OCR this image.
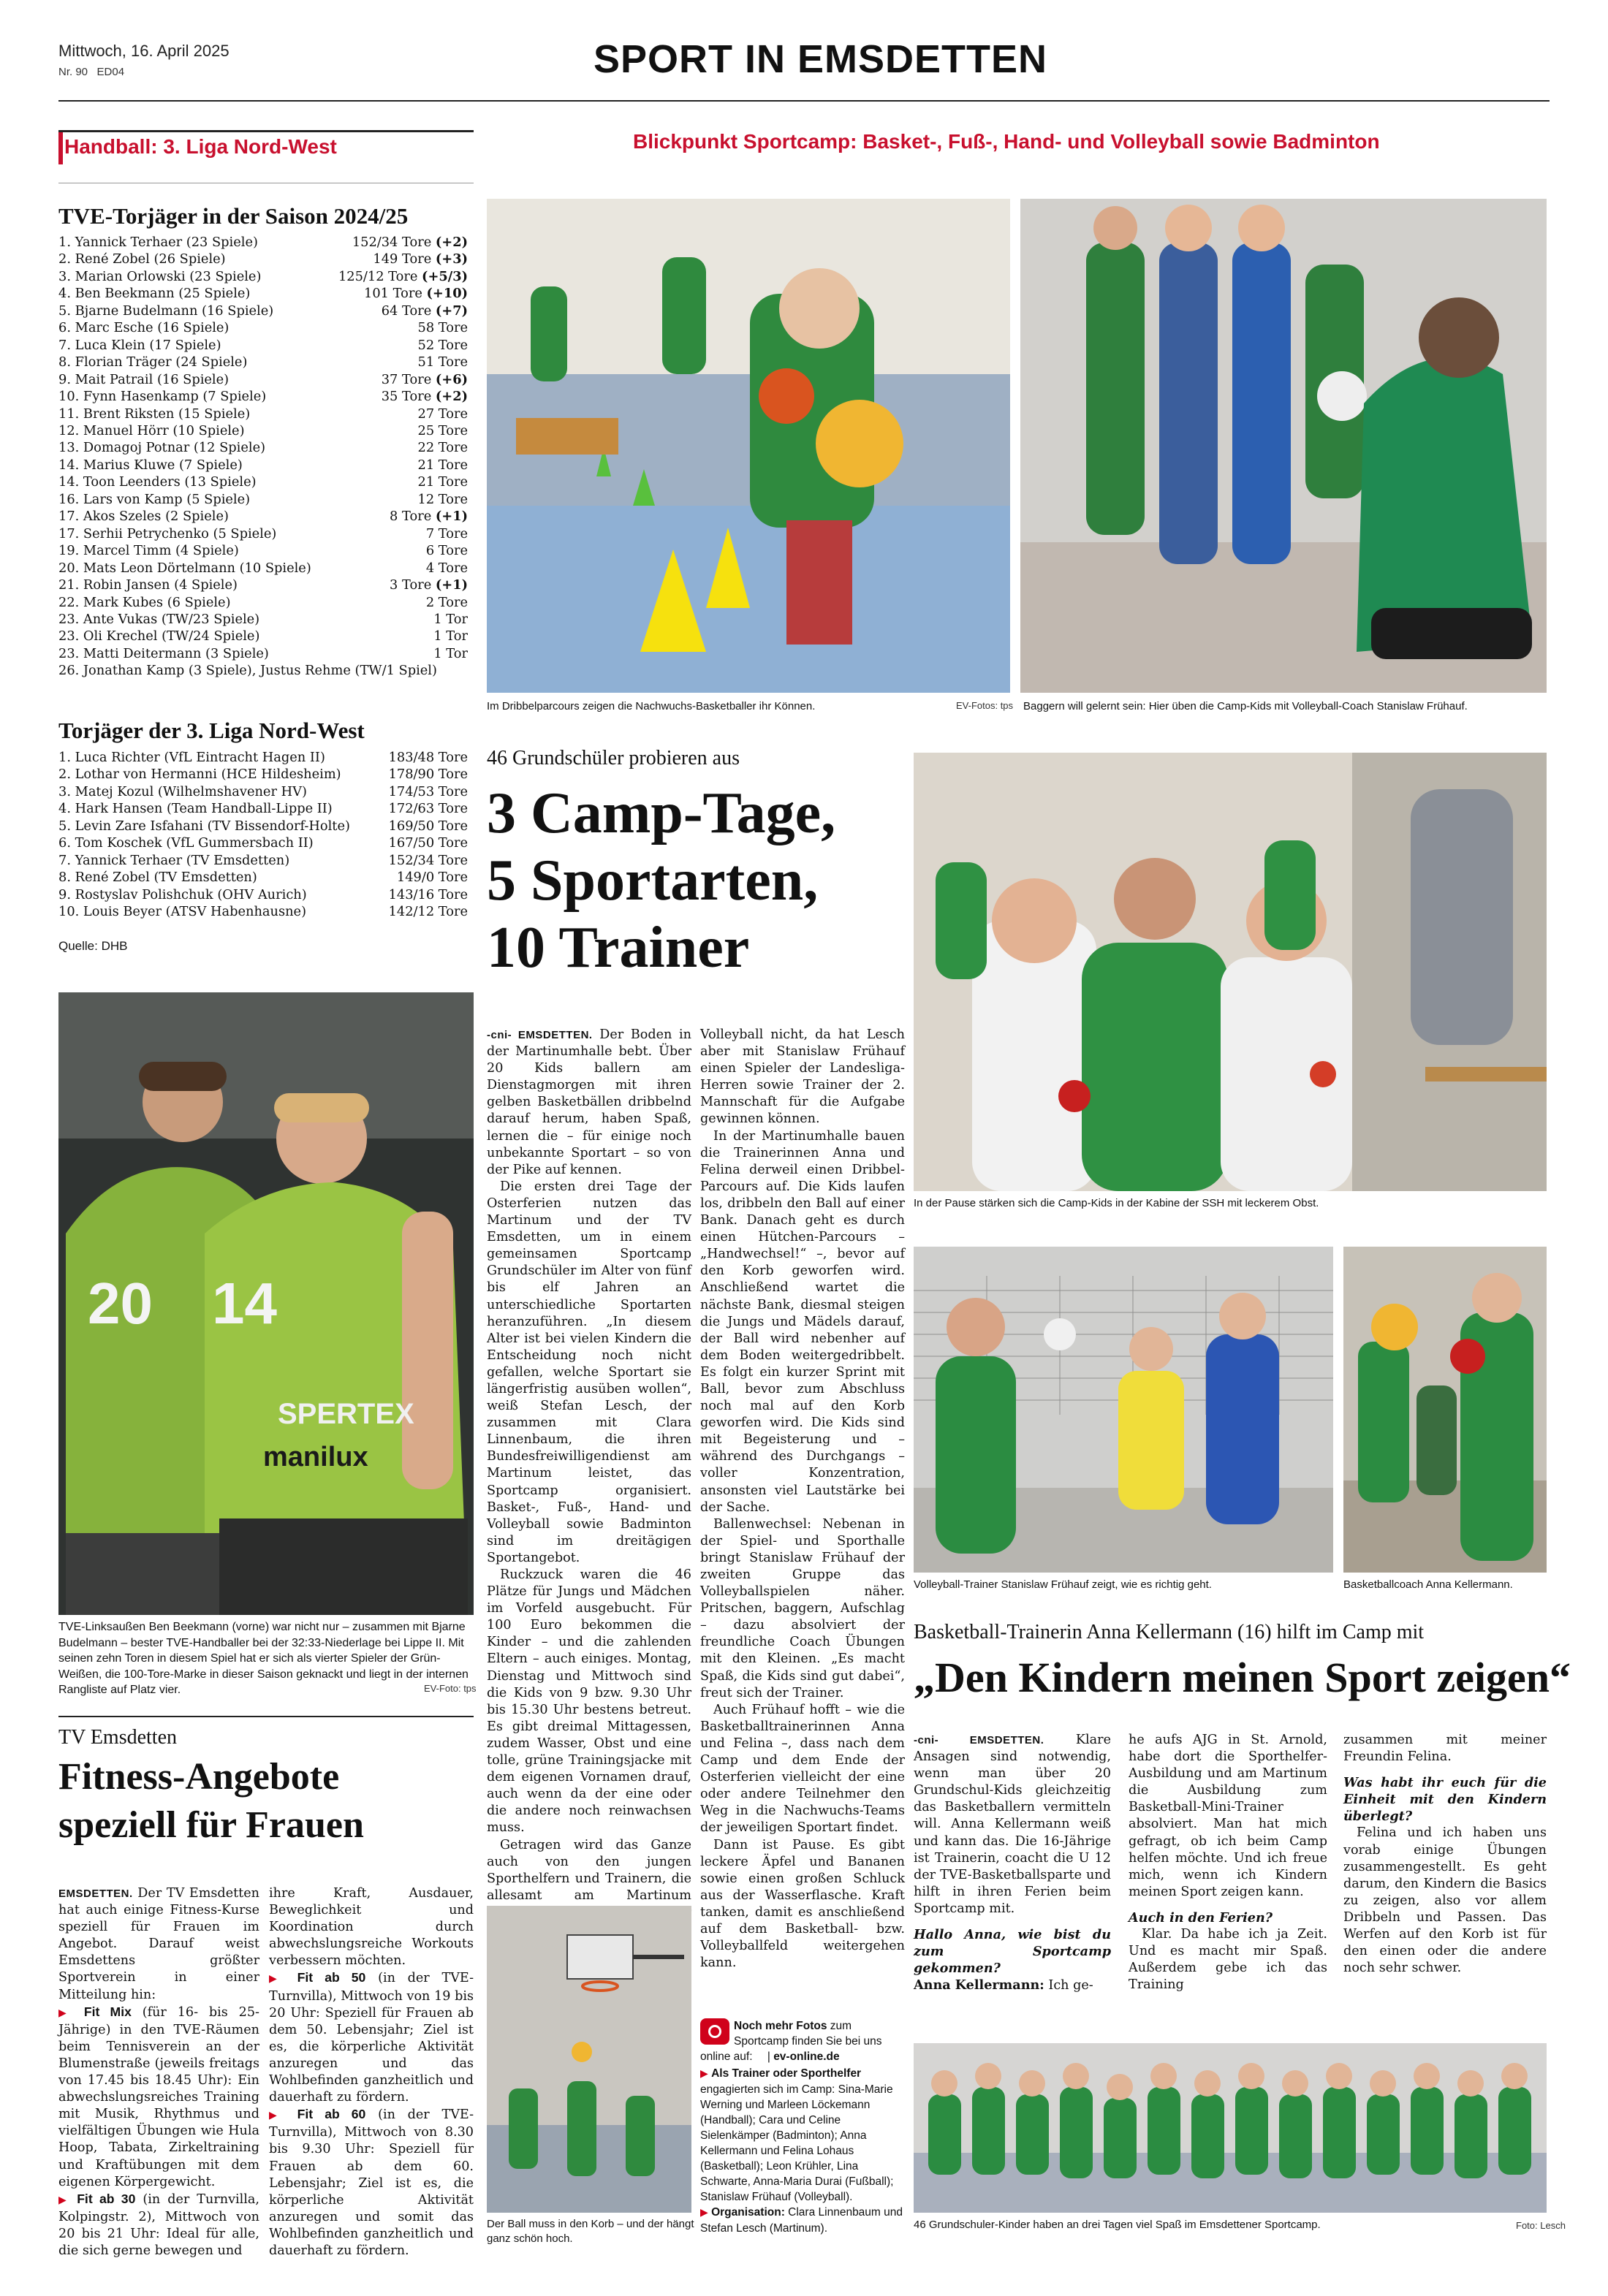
Mittwoch, 16. April 2025
Nr. 90   ED04	SPORT IN EMSDETTEN
Handball: 3. Liga Nord-West	Blickpunkt Sportcamp: Basket-, Fuß-, Hand- und Volleyball sowie Badminton
TVE-Torjäger in der Saison 2024/25
1. Yannick Terhaer (23 Spiele)	152/34 Tore (+2)
2. René Zobel (26 Spiele)	149 Tore (+3)
3. Marian Orlowski (23 Spiele)	125/12 Tore (+5/3)
4. Ben Beekmann (25 Spiele)	101 Tore (+10)
5. Bjarne Budelmann (16 Spiele)	64 Tore (+7)
6. Marc Esche (16 Spiele)	58 Tore
7. Luca Klein (17 Spiele)	52 Tore
8. Florian Träger (24 Spiele)	51 Tore
9. Mait Patrail (16 Spiele)	37 Tore (+6)
10. Fynn Hasenkamp (7 Spiele)	35 Tore (+2)
11. Brent Riksten (15 Spiele)	27 Tore
12. Manuel Hörr (10 Spiele)	25 Tore
13. Domagoj Potnar (12 Spiele)	22 Tore
14. Marius Kluwe (7 Spiele)	21 Tore
14. Toon Leenders (13 Spiele)	21 Tore
16. Lars von Kamp (5 Spiele)	12 Tore
17. Akos Szeles (2 Spiele)	8 Tore (+1)
17. Serhii Petrychenko (5 Spiele)	7 Tore
19. Marcel Timm (4 Spiele)	6 Tore
20. Mats Leon Dörtelmann (10 Spiele)	4 Tore
21. Robin Jansen (4 Spiele)	3 Tore (+1)
22. Mark Kubes (6 Spiele)	2 Tore
23. Ante Vukas (TW/23 Spiele)	1 Tor
23. Oli Krechel (TW/24 Spiele)	1 Tor
23. Matti Deitermann (3 Spiele)	1 Tor
26. Jonathan Kamp (3 Spiele), Justus Rehme (TW/1 Spiel)
Torjäger der 3. Liga Nord-West
1. Luca Richter (VfL Eintracht Hagen II)	183/48 Tore
2. Lothar von Hermanni (HCE Hildesheim)	178/90 Tore
3. Matej Kozul (Wilhelmshavener HV)	174/53 Tore
4. Hark Hansen (Team Handball-Lippe II)	172/63 Tore
5. Levin Zare Isfahani (TV Bissendorf-Holte)	169/50 Tore
6. Tom Koschek (VfL Gummersbach II)	167/50 Tore
7. Yannick Terhaer (TV Emsdetten)	152/34 Tore
8. René Zobel (TV Emsdetten)	149/0 Tore
9. Rostyslav Polishchuk (OHV Aurich)	143/16 Tore
10. Louis Beyer (ATSV Habenhausne)	142/12 Tore
Quelle: DHB
20 14
SPERTEX
manilux
TVE-Linksaußen Ben Beekmann (vorne) war nicht nur – zusammen mit Bjarne Budelmann – bester TVE-Handballer bei der 32:33-Niederlage bei Lippe II. Mit seinen zehn Toren in diesem Spiel hat er sich als vierter Spieler der Grün-Weißen, die 100-Tore-Marke in dieser Saison geknackt und liegt in der internen Rangliste auf Platz vier.	EV-Foto: tps
TV Emsdetten
Fitness-Angebote
speziell für Frauen

EMSDETTEN. Der TV Emsdetten hat auch einige Fitness-Kurse speziell für Frauen im Angebot. Darauf weist Emsdettens größter Sportverein in einer Mitteilung hin:

▶ Fit Mix (für 16- bis 25-Jährige) in den TVE-Räumen beim Tennisverein an der Blumenstraße (jeweils freitags von 17.45 bis 18.45 Uhr): Ein abwechslungsreiches Training mit Musik, Rhythmus und vielfältigen Übungen wie Hula Hoop, Tabata, Zirkeltraining und Kraftübungen mit dem eigenen Körpergewicht.

▶ Fit ab 30 (in der Turnvilla, Kolpingstr. 2), Mittwoch von 20 bis 21 Uhr: Ideal für alle, die sich gerne bewegen und

ihre Kraft, Ausdauer, Beweglichkeit und Koordination durch abwechslungsreiche Workouts verbessern möchten.

▶ Fit ab 50 (in der TVE-Turnvilla), Mittwoch von 19 bis 20 Uhr: Speziell für Frauen ab dem 50. Lebensjahr; Ziel ist es, die körperliche Aktivität anzuregen und das Wohlbefinden ganzheitlich und dauerhaft zu fördern.

▶ Fit ab 60 (in der TVE-Turnvilla), Mittwoch von 8.30 bis 9.30 Uhr: Speziell für Frauen ab dem 60. Lebensjahr; Ziel ist es, die körperliche Aktivität anzuregen und somit das Wohlbefinden ganzheitlich und dauerhaft zu fördern.

Im Dribbelparcours zeigen die Nachwuchs-Basketballer ihr Können.	EV-Fotos: tps Baggern will gelernt sein: Hier üben die Camp-Kids mit Volleyball-Coach Stanislaw Frühauf.
46 Grundschüler probieren aus
3 Camp-Tage,
5 Sportarten,
10 Trainer

-cni- EMSDETTEN. Der Boden in der Martinumhalle bebt. Über 20 Kids ballern am Dienstagmorgen mit ihren gelben Basketbällen dribbelnd darauf herum, haben Spaß, lernen die – für einige noch unbekannte Sportart – so von der Pike auf kennen.

Die ersten drei Tage der Osterferien nutzen das Martinum und der TV Emsdetten, um in einem gemeinsamen Sportcamp Grundschüler im Alter von fünf bis elf Jahren an unterschiedliche Sportarten heranzuführen. „In diesem Alter ist bei vielen Kindern die Entscheidung noch nicht gefallen, welche Sportart sie längerfristig ausüben wollen“, weiß Stefan Lesch, der zusammen mit Clara Linnenbaum, die ihren Bundesfreiwilligendienst am Martinum leistet, das Sportcamp organisiert. Basket-, Fuß-, Hand- und Volleyball sowie Badminton sind im dreitägigen Sportangebot.

Ruckzuck waren die 46 Plätze für Jungs und Mädchen im Vorfeld ausgebucht. Für 100 Euro bekommen die Kinder – und die zahlenden Eltern – auch einiges. Montag, Dienstag und Mittwoch sind die Kids von 9 bzw. 9.30 Uhr bis 15.30 Uhr bestens betreut. Es gibt dreimal Mittagessen, zudem Wasser, Obst und eine tolle, grüne Trainingsjacke mit dem eigenen Vornamen drauf, auch wenn da der eine oder die andere noch reinwachsen muss.

Getragen wird das Ganze auch von den jungen Sporthelfern und Trainern, die allesamt am Martinum

Volleyball nicht, da hat Lesch aber mit Stanislaw Frühauf einen Spieler der Landesliga-Herren sowie Trainer der 2. Mannschaft für die Aufgabe gewinnen können.

In der Martinumhalle bauen die Trainerinnen Anna und Felina derweil einen Dribbel-Parcours auf. Die Kids laufen los, dribbeln den Ball auf einer Bank. Danach geht es durch einen Hütchen-Parcours – „Handwechsel!“ –, bevor auf den Korb geworfen wird. Anschließend wartet die nächste Bank, diesmal steigen die Jungs und Mädels darauf, der Ball wird nebenher auf dem Boden weitergedribbelt. Es folgt ein kurzer Sprint mit Ball, bevor zum Abschluss noch mal auf den Korb geworfen wird. Die Kids sind mit Begeisterung und – während des Durchgangs – voller Konzentration, ansonsten viel Lautstärke bei der Sache.

Ballenwechsel: Nebenan in der Spiel- und Sporthalle bringt Stanislaw Frühauf der zweiten Gruppe das Volleyballspielen näher. Pritschen, baggern, Aufschlag – dazu absolviert der freundliche Coach Übungen mit den Kleinen. „Es macht Spaß, die Kids sind gut dabei“, freut sich der Trainer.

Auch Frühauf hofft – wie die Basketballtrainerinnen Anna und Felina –, dass nach dem Camp und dem Ende der Osterferien vielleicht der eine oder andere Teilnehmer den Weg in die Nachwuchs-Teams der jeweiligen Sportart findet.

Dann ist Pause. Es gibt leckere Äpfel und Bananen sowie einen großen Schluck aus der Wasserflasche. Kraft tanken, damit es anschließend auf dem Basketball- bzw. Volleyballfeld weitergehen kann.

Noch mehr Fotos zum
Sportcamp finden Sie bei uns
online auf: | ev-online.de
▶ Als Trainer oder Sporthelfer
engagierten sich im Camp: Sina-Marie Werning und Marleen Löckemann (Handball); Cara und Celine Sielenkämper (Badminton); Anna Kellermann und Felina Lohaus (Basketball); Leon Krühler, Lina Schwarte, Anna-Maria Durai (Fußball); Stanislaw Frühauf (Volleyball).
▶ Organisation: Clara Linnenbaum und Stefan Lesch (Martinum).
Der Ball muss in den Korb – und der hängt ganz schön hoch.
In der Pause stärken sich die Camp-Kids in der Kabine der SSH mit leckerem Obst.
Volleyball-Trainer Stanislaw Frühauf zeigt, wie es richtig geht.	Basketballcoach Anna Kellermann.
Basketball-Trainerin Anna Kellermann (16) hilft im Camp mit
„Den Kindern meinen Sport zeigen“

-cni- EMSDETTEN. Klare Ansagen sind notwendig, wenn man über 20 Grundschul-Kids gleichzeitig das Basketballern vermitteln will. Anna Kellermann weiß und kann das. Die 16-Jährige ist Trainerin, coacht die U 12 der TVE-Basketballsparte und hilft in ihren Ferien beim Sportcamp mit.

Hallo Anna, wie bist du zum Sportcamp gekommen?

Anna Kellermann: Ich ge-

he aufs AJG in St. Arnold, habe dort die Sporthelfer-Ausbildung und am Martinum die Ausbildung zum Basketball-Mini-Trainer absolviert. Man hat mich gefragt, ob ich beim Camp helfen möchte. Und ich freue mich, wenn ich Kindern meinen Sport zeigen kann.

Auch in den Ferien?

Klar. Da habe ich ja Zeit. Und es macht mir Spaß. Außerdem gebe ich das Training

zusammen mit meiner Freundin Felina.

Was habt ihr euch für die Einheit mit den Kindern überlegt?

Felina und ich haben uns vorab einige Übungen zusammengestellt. Es geht darum, den Kindern die Basics zu zeigen, also vor allem Dribbeln und Passen. Das Werfen auf den Korb ist für den einen oder die andere noch sehr schwer.

46 Grundschuler-Kinder haben an drei Tagen viel Spaß im Emsdettener Sportcamp.	Foto: Lesch
